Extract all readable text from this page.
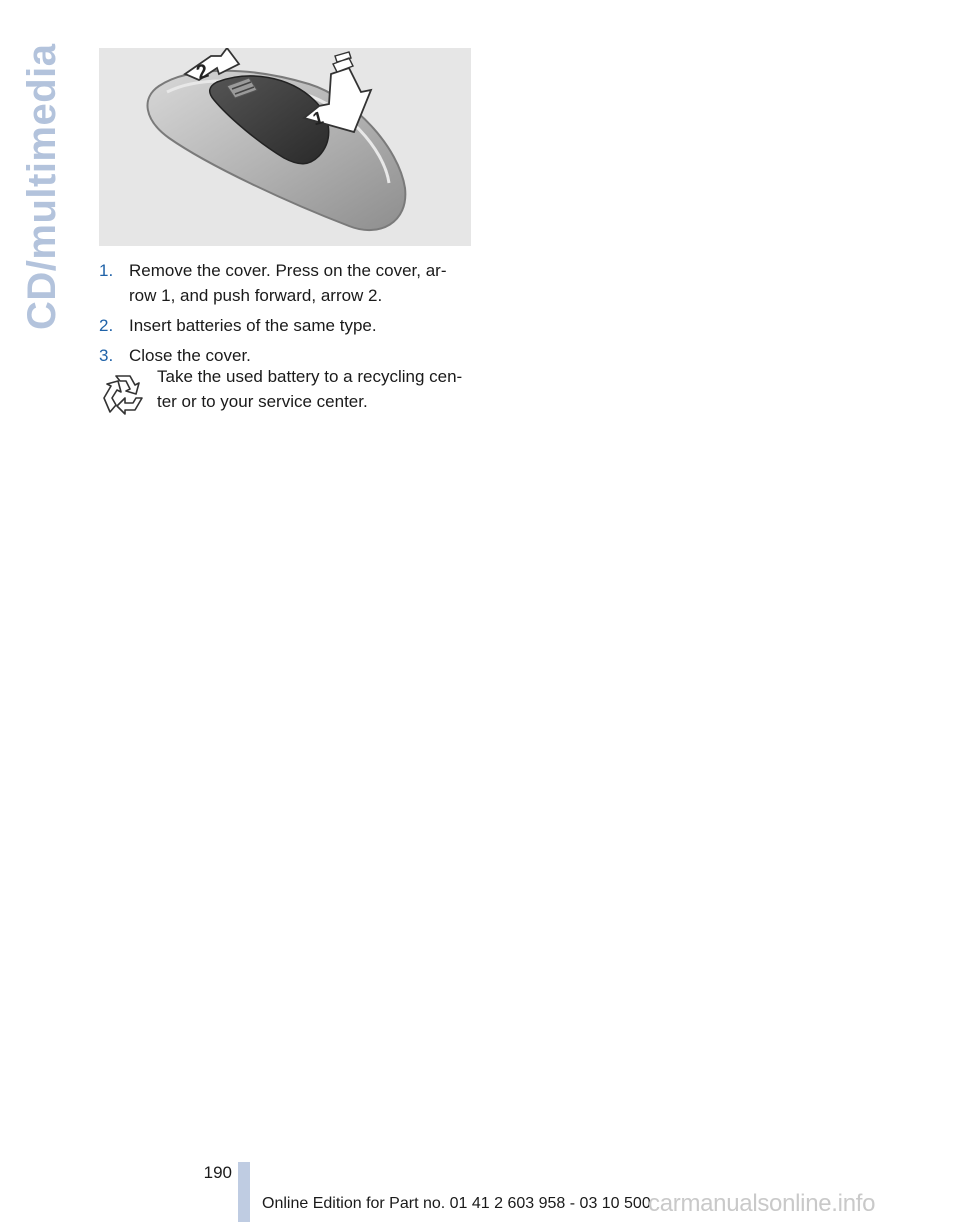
CD/multimedia	2
1
1. Remove the cover. Press on the cover, ar-
row 1, and push forward, arrow 2.
2. Insert batteries of the same type.
3. Close the cover.
Take the used battery to a recycling cen-
ter or to your service center.
190
Online Edition for Part no. 01 41 2 603 958 - 03 10 500
carmanualsonline.info
